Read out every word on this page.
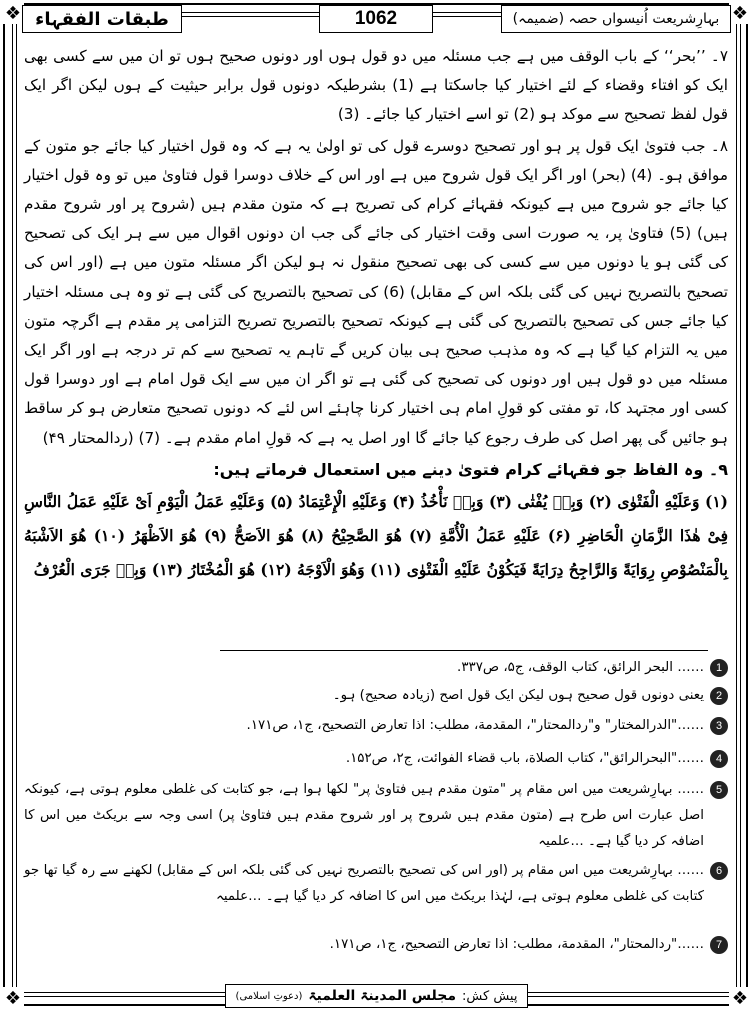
❖	❖
❖	❖
طبقات الفقہاء	1062	بہارِشریعت اُنیسواں حصہ (ضمیمہ)

۷۔ ’’بحر‘‘ کے باب الوقف میں ہے جب مسئلہ میں دو قول ہوں اور دونوں صحیح ہوں تو ان میں سے کسی بھی ایک کو افتاء وقضاء کے لئے اختیار کیا جاسکتا ہے (1) بشرطیکہ دونوں قول برابر حیثیت کے ہوں لیکن اگر ایک قول لفظ تصحیح سے موکد ہو (2) تو اسے اختیار کیا جائے۔ (3)

۸۔ جب فتویٰ ایک قول پر ہو اور تصحیح دوسرے قول کی تو اولیٰ یہ ہے کہ وہ قول اختیار کیا جائے جو متون کے موافق ہو۔ (4) (بحر) اور اگر ایک قول شروح میں ہے اور اس کے خلاف دوسرا قول فتاویٰ میں تو وہ قول اختیار کیا جائے جو شروح میں ہے کیونکہ فقہائے کرام کی تصریح ہے کہ متون مقدم ہیں (شروح پر اور شروح مقدم ہیں) (5) فتاویٰ پر، یہ صورت اسی وقت اختیار کی جائے گی جب ان دونوں اقوال میں سے ہر ایک کی تصحیح کی گئی ہو یا دونوں میں سے کسی کی بھی تصحیح منقول نہ ہو لیکن اگر مسئلہ متون میں ہے (اور اس کی تصحیح بالتصریح نہیں کی گئی بلکہ اس کے مقابل) (6) کی تصحیح بالتصریح کی گئی ہے تو وہ ہی مسئلہ اختیار کیا جائے جس کی تصحیح بالتصریح کی گئی ہے کیونکہ تصحیح بالتصریح تصریح التزامی پر مقدم ہے اگرچہ متون میں یہ التزام کیا گیا ہے کہ وہ مذہب صحیح ہی بیان کریں گے تاہم یہ تصحیح سے کم تر درجہ ہے اور اگر ایک مسئلہ میں دو قول ہیں اور دونوں کی تصحیح کی گئی ہے تو اگر ان میں سے ایک قول امام ہے اور دوسرا قول کسی اور مجتہد کا، تو مفتی کو قولِ امام ہی اختیار کرنا چاہئے اس لئے کہ دونوں تصحیح متعارض ہو کر ساقط ہو جائیں گی پھر اصل کی طرف رجوع کیا جائے گا اور اصل یہ ہے کہ قولِ امام مقدم ہے۔ (7) (ردالمحتار ۴۹)

۹۔ وہ الفاظ جو فقہائے کرام فتویٰ دینے میں استعمال فرماتے ہیں:

(۱) وَعَلَيْهِ الْفَتْوٰى (۲) وَبِهٖ يُفْتٰى (۳) وَبِهٖ نَأْخُذُ (۴) وَعَلَيْهِ الْإِعْتِمَادُ (۵) وَعَلَيْهِ عَمَلُ الْيَوْمِ اَىْ عَلَيْهِ عَمَلُ النَّاسِ فِىْ هٰذَا الزَّمَانِ الْحَاضِرِ (۶) عَلَيْهِ عَمَلُ الْأُمَّةِ (۷) هُوَ الصَّحِيْحُ (۸) هُوَ الاَصَحُّ (۹) هُوَ الاَظْهَرُ (۱۰) هُوَ الاَشْبَهُ بِالْمَنْصُوْصِ رِوَايَةً وَالرَّاجِحُ دِرَايَةً فَيَكُوْنُ عَلَيْهِ الْفَتْوٰى (۱۱) وَهُوَ الْاَوْجَهُ (۱۲) هُوَ الْمُخْتَارُ (۱۳) وَبِهٖ جَرَى الْعُرْفُ

1
…… البحر الرائق، کتاب الوقف، ج۵، ص۳۳۷.
2
یعنی دونوں قول صحیح ہوں لیکن ایک قول اصح (زیادہ صحیح) ہو۔
3
……"الدرالمختار" و"ردالمحتار"، المقدمة، مطلب: اذا تعارض التصحیح، ج۱، ص۱۷۱.
4
……"البحرالرائق"، کتاب الصلاة، باب قضاء الفوائت، ج۲، ص۱۵۲.
5
…… بہارِشریعت میں اس مقام پر "متون مقدم ہیں فتاویٰ پر" لکھا ہوا ہے، جو کتابت کی غلطی معلوم ہوتی ہے، کیونکہ اصل عبارت اس طرح ہے (متون مقدم ہیں شروح پر اور شروح مقدم ہیں فتاویٰ پر) اسی وجہ سے بریکٹ میں اس کا اضافہ کر دیا گیا ہے۔ …علمیہ
6
…… بہارِشریعت میں اس مقام پر (اور اس کی تصحیح بالتصریح نہیں کی گئی بلکہ اس کے مقابل) لکھنے سے رہ گیا تھا جو کتابت کی غلطی معلوم ہوتی ہے، لہٰذا بریکٹ میں اس کا اضافہ کر دیا گیا ہے۔ …علمیہ
7
……"ردالمحتار"، المقدمة، مطلب: اذا تعارض التصحیح، ج۱، ص۱۷۱.
پیش کش:
مجلس المدینۃ العلمیۃ
(دعوتِ اسلامی)
